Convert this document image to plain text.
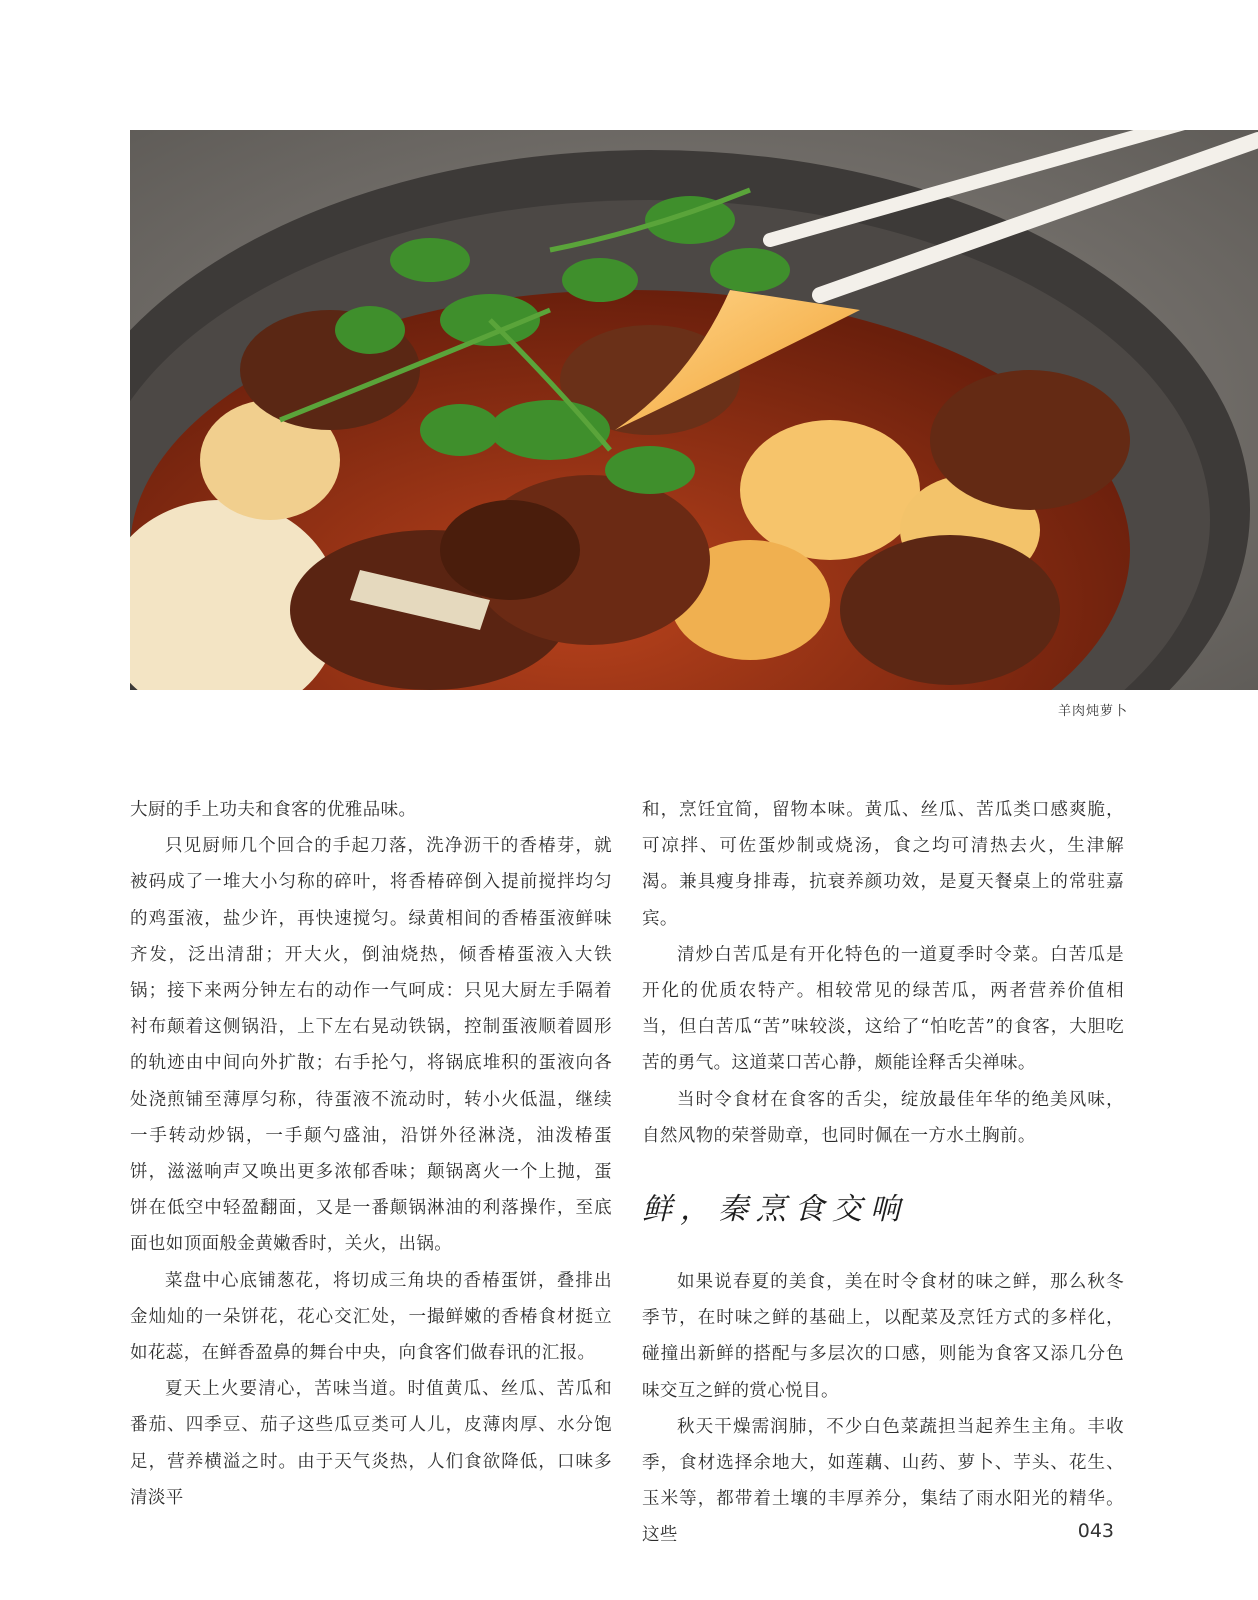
羊肉炖萝卜

大厨的手上功夫和食客的优雅品味。

只见厨师几个回合的手起刀落，洗净沥干的香椿芽，就被码成了一堆大小匀称的碎叶，将香椿碎倒入提前搅拌均匀的鸡蛋液，盐少许，再快速搅匀。绿黄相间的香椿蛋液鲜味齐发，泛出清甜；开大火，倒油烧热，倾香椿蛋液入大铁锅；接下来两分钟左右的动作一气呵成：只见大厨左手隔着衬布颠着这侧锅沿，上下左右晃动铁锅，控制蛋液顺着圆形的轨迹由中间向外扩散；右手抡勺，将锅底堆积的蛋液向各处浇煎铺至薄厚匀称，待蛋液不流动时，转小火低温，继续一手转动炒锅，一手颠勺盛油，沿饼外径淋浇，油泼椿蛋饼，滋滋响声又唤出更多浓郁香味；颠锅离火一个上抛，蛋饼在低空中轻盈翻面，又是一番颠锅淋油的利落操作，至底面也如顶面般金黄嫩香时，关火，出锅。

菜盘中心底铺葱花，将切成三角块的香椿蛋饼，叠排出金灿灿的一朵饼花，花心交汇处，一撮鲜嫩的香椿食材挺立如花蕊，在鲜香盈鼻的舞台中央，向食客们做春讯的汇报。

夏天上火要清心，苦味当道。时值黄瓜、丝瓜、苦瓜和番茄、四季豆、茄子这些瓜豆类可人儿，皮薄肉厚、水分饱足，营养横溢之时。由于天气炎热，人们食欲降低，口味多清淡平

和，烹饪宜简，留物本味。黄瓜、丝瓜、苦瓜类口感爽脆，可凉拌、可佐蛋炒制或烧汤，食之均可清热去火，生津解渴。兼具瘦身排毒，抗衰养颜功效，是夏天餐桌上的常驻嘉宾。

清炒白苦瓜是有开化特色的一道夏季时令菜。白苦瓜是开化的优质农特产。相较常见的绿苦瓜，两者营养价值相当，但白苦瓜“苦”味较淡，这给了“怕吃苦”的食客，大胆吃苦的勇气。这道菜口苦心静，颇能诠释舌尖禅味。

当时令食材在食客的舌尖，绽放最佳年华的绝美风味，自然风物的荣誉勋章，也同时佩在一方水土胸前。

鲜，秦烹食交响

如果说春夏的美食，美在时令食材的味之鲜，那么秋冬季节，在时味之鲜的基础上，以配菜及烹饪方式的多样化，碰撞出新鲜的搭配与多层次的口感，则能为食客又添几分色味交互之鲜的赏心悦目。

秋天干燥需润肺，不少白色菜蔬担当起养生主角。丰收季，食材选择余地大，如莲藕、山药、萝卜、芋头、花生、玉米等，都带着土壤的丰厚养分，集结了雨水阳光的精华。这些	043
